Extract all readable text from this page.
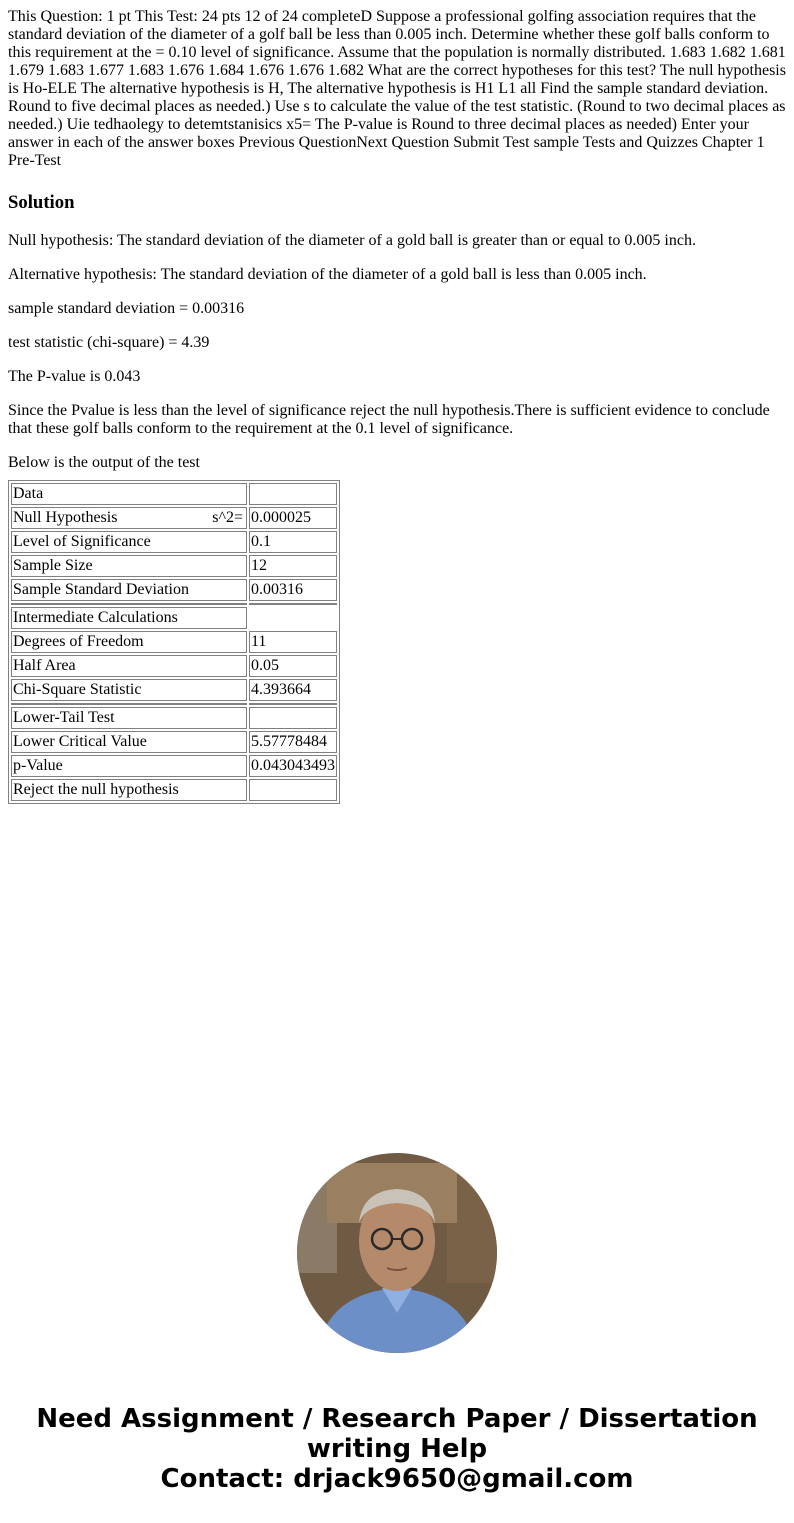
This Question: 1 pt This Test: 24 pts 12 of 24 completeD Suppose a professional golfing association requires that the standard deviation of the diameter of a golf ball be less than 0.005 inch. Determine whether these golf balls conform to this requirement at the = 0.10 level of significance. Assume that the population is normally distributed. 1.683 1.682 1.681 1.679 1.683 1.677 1.683 1.676 1.684 1.676 1.676 1.682 What are the correct hypotheses for this test? The null hypothesis is Ho-ELE The alternative hypothesis is H, The alternative hypothesis is H1 L1 all Find the sample standard deviation. Round to five decimal places as needed.) Use s to calculate the value of the test statistic. (Round to two decimal places as needed.) Uie tedhaolegy to detemtstanisics x5= The P-value is Round to three decimal places as needed) Enter your answer in each of the answer boxes Previous QuestionNext Question Submit Test sample Tests and Quizzes Chapter 1 Pre-Test
Solution

Null hypothesis: The standard deviation of the diameter of a gold ball is greater than or equal to 0.005 inch.

Alternative hypothesis: The standard deviation of the diameter of a gold ball is less than 0.005 inch.

sample standard deviation = 0.00316

test statistic (chi-square) = 4.39

The P-value is 0.043

Since the Pvalue is less than the level of significance reject the null hypothesis.There is sufficient evidence to conclude that these golf balls conform to the requirement at the 0.1 level of significance.

Below is the output of the test

Data	
Null Hypothesis s^2=	0.000025
Level of Significance	0.1
Sample Size	12
Sample Standard Deviation	0.00316

Intermediate Calculations	
Degrees of Freedom	11
Half Area	0.05
Chi-Square Statistic	4.393664

Lower-Tail Test	
Lower Critical Value	5.57778484
p-Value	0.043043493
Reject the null hypothesis	
Need Assignment / Research Paper / Dissertation
writing Help
Contact: drjack9650@gmail.com
